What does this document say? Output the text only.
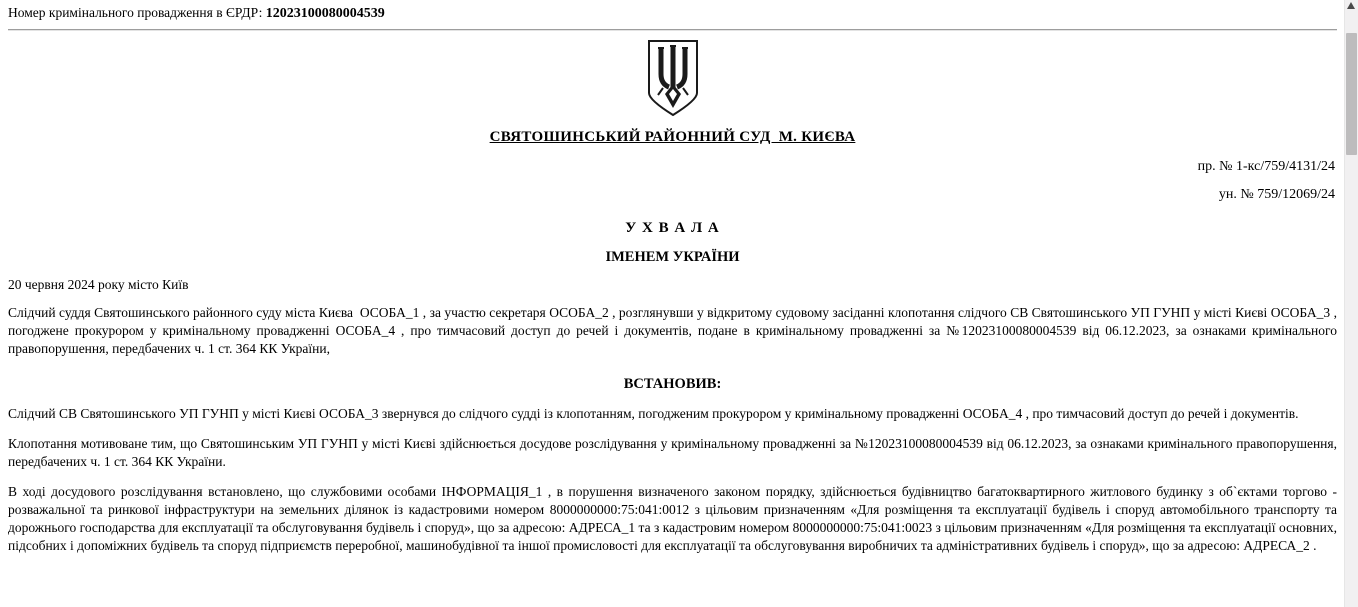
Номер кримінального провадження в ЄРДР: 12023100080004539
СВЯТОШИНСЬКИЙ РАЙОННИЙ СУД  М. КИЄВА
пр. № 1-кс/759/4131/24
ун. № 759/12069/24
У Х В А Л А
ІМЕНЕМ УКРАЇНИ

20 червня 2024 року місто Київ

Слідчий суддя Святошинського районного суду міста Києва  ОСОБА_1 , за участю секретаря ОСОБА_2 , розглянувши у відкритому судовому засіданні клопотання слідчого СВ Святошинського УП ГУНП у місті Києві ОСОБА_3 , погоджене прокурором у кримінальному провадженні ОСОБА_4 , про тимчасовий доступ до речей і документів, подане в кримінальному провадженні за №12023100080004539 від 06.12.2023, за ознаками кримінального правопорушення, передбачених ч. 1 ст. 364 КК України,

ВСТАНОВИВ:

Слідчий СВ Святошинського УП ГУНП у місті Києві ОСОБА_3 звернувся до слідчого судді із клопотанням, погодженим прокурором у кримінальному провадженні ОСОБА_4 , про тимчасовий доступ до речей і документів.

Клопотання мотивоване тим, що Святошинським УП ГУНП у місті Києві здійснюється досудове розслідування у кримінальному провадженні за №12023100080004539 від 06.12.2023, за ознаками кримінального правопорушення, передбачених ч. 1 ст. 364 КК України.

В ході досудового розслідування встановлено, що службовими особами ІНФОРМАЦІЯ_1 , в порушення визначеного законом порядку, здійснюється будівництво багатоквартирного житлового будинку з об`єктами торгово - розважальної та ринкової інфраструктури на земельних ділянок із кадастровими номером 8000000000:75:041:0012 з цільовим призначенням «Для розміщення та експлуатації будівель і споруд автомобільного транспорту та дорожнього господарства для експлуатації та обслуговування будівель і споруд», що за адресою: АДРЕСА_1 та з кадастровим номером 8000000000:75:041:0023 з цільовим призначенням «Для розміщення та експлуатації основних, підсобних і допоміжних будівель та споруд підприємств переробної, машинобудівної та іншої промисловості для експлуатації та обслуговування виробничих та адміністративних будівель і споруд», що за адресою: АДРЕСА_2 .
